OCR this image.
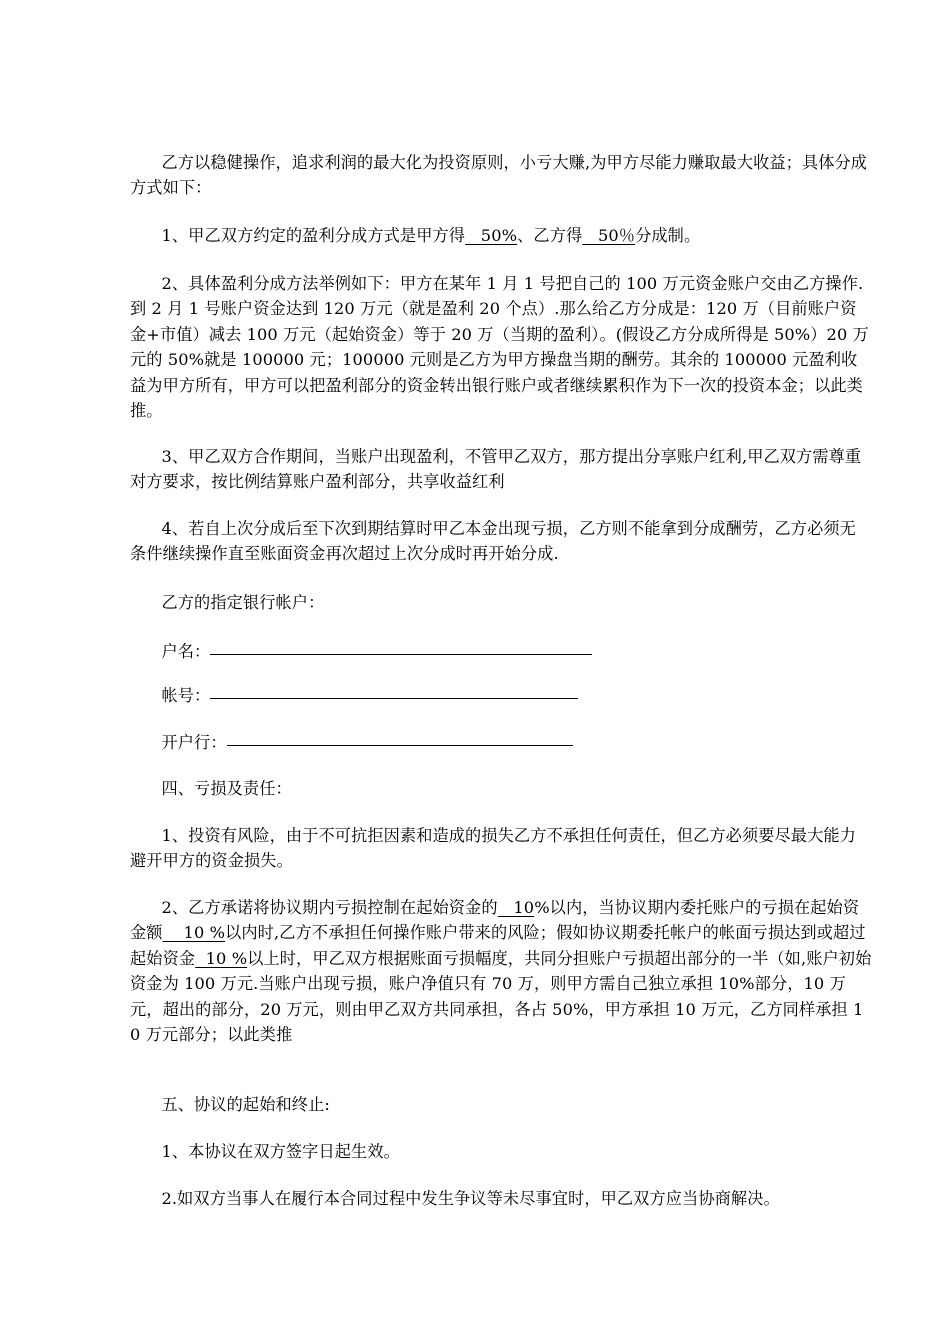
乙方以稳健操作，追求利润的最大化为投资原则，小亏大赚,为甲方尽能力赚取最大收益；具体分成方式如下：

1、甲乙双方约定的盈利分成方式是甲方得   50%、乙方得   50％分成制。

2、具体盈利分成方法举例如下：甲方在某年 1 月 1 号把自己的 100 万元资金账户交由乙方操作.到 2 月 1 号账户资金达到 120 万元（就是盈利 20 个点）.那么给乙方分成是：120 万（目前账户资金+市值）减去 100 万元（起始资金）等于 20 万（当期的盈利）。(假设乙方分成所得是 50%）20 万元的 50%就是 100000 元；100000 元则是乙方为甲方操盘当期的酬劳。其余的 100000 元盈利收益为甲方所有，甲方可以把盈利部分的资金转出银行账户或者继续累积作为下一次的投资本金；以此类推。

3、甲乙双方合作期间，当账户出现盈利，不管甲乙双方，那方提出分享账户红利,甲乙双方需尊重对方要求，按比例结算账户盈利部分，共享收益红利

4、若自上次分成后至下次到期结算时甲乙本金出现亏损，乙方则不能拿到分成酬劳，乙方必须无条件继续操作直至账面资金再次超过上次分成时再开始分成.

乙方的指定银行帐户：

户名：

帐号：

开户行：

四、亏损及责任：

1、投资有风险，由于不可抗拒因素和造成的损失乙方不承担任何责任，但乙方必须要尽最大能力避开甲方的资金损失。

2、乙方承诺将协议期内亏损控制在起始资金的   10%以内，当协议期内委托账户的亏损在起始资金额    10 %以内时,乙方不承担任何操作账户带来的风险；假如协议期委托帐户的帐面亏损达到或超过起始资金  10 %以上时，甲乙双方根据账面亏损幅度，共同分担账户亏损超出部分的一半（如,账户初始资金为 100 万元.当账户出现亏损，账户净值只有 70 万，则甲方需自己独立承担 10%部分，10 万元，超出的部分，20 万元，则由甲乙双方共同承担，各占 50%，甲方承担 10 万元，乙方同样承担 10 万元部分；以此类推

五、协议的起始和终止:

1、本协议在双方签字日起生效。

2.如双方当事人在履行本合同过程中发生争议等未尽事宜时，甲乙双方应当协商解决。
